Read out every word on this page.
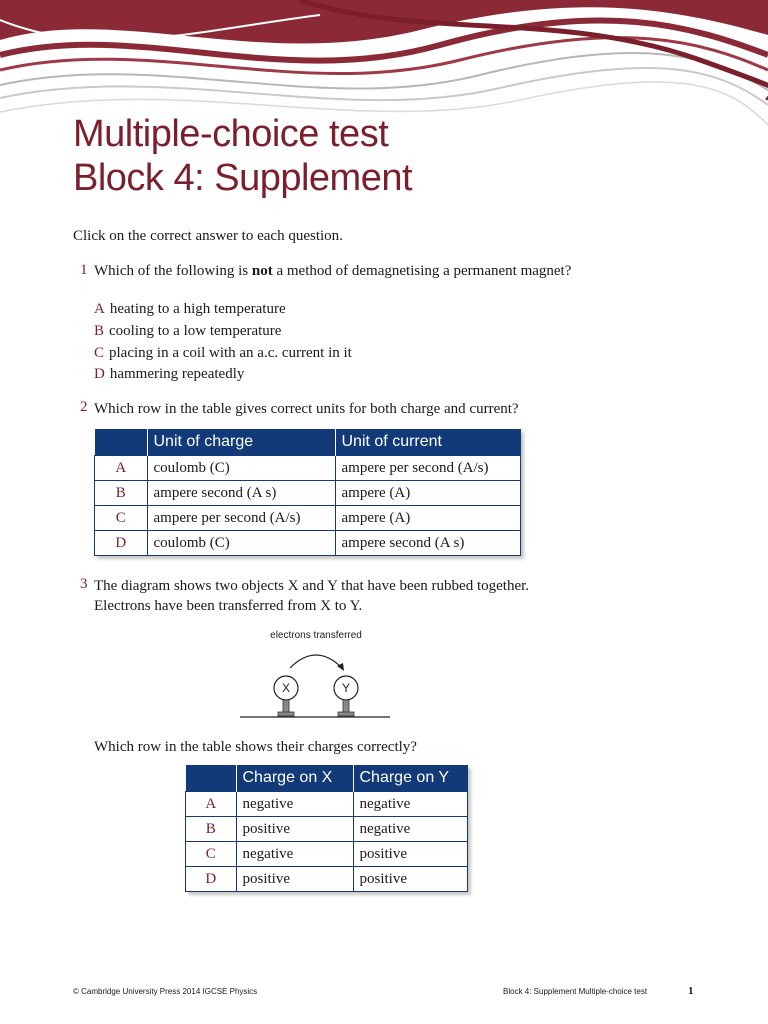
Multiple-choice test
Block 4: Supplement
Click on the correct answer to each question.
1 Which of the following is not a method of demagnetising a permanent magnet?
A heating to a high temperature
B cooling to a low temperature
C placing in a coil with an a.c. current in it
D hammering repeatedly
2 Which row in the table gives correct units for both charge and current?
	Unit of charge	Unit of current
A	coulomb (C)	ampere per second (A/s)
B	ampere second (A s)	ampere (A)
C	ampere per second (A/s)	ampere (A)
D	coulomb (C)	ampere second (A s)
3 The diagram shows two objects X and Y that have been rubbed together. Electrons have been transferred from X to Y.
electrons transferred
X	Y
Which row in the table shows their charges correctly?
	Charge on X	Charge on Y
A	negative	negative
B	positive	negative
C	negative	positive
D	positive	positive
© Cambridge University Press 2014 IGCSE Physics	Block 4: Supplement Multiple-choice test	1
